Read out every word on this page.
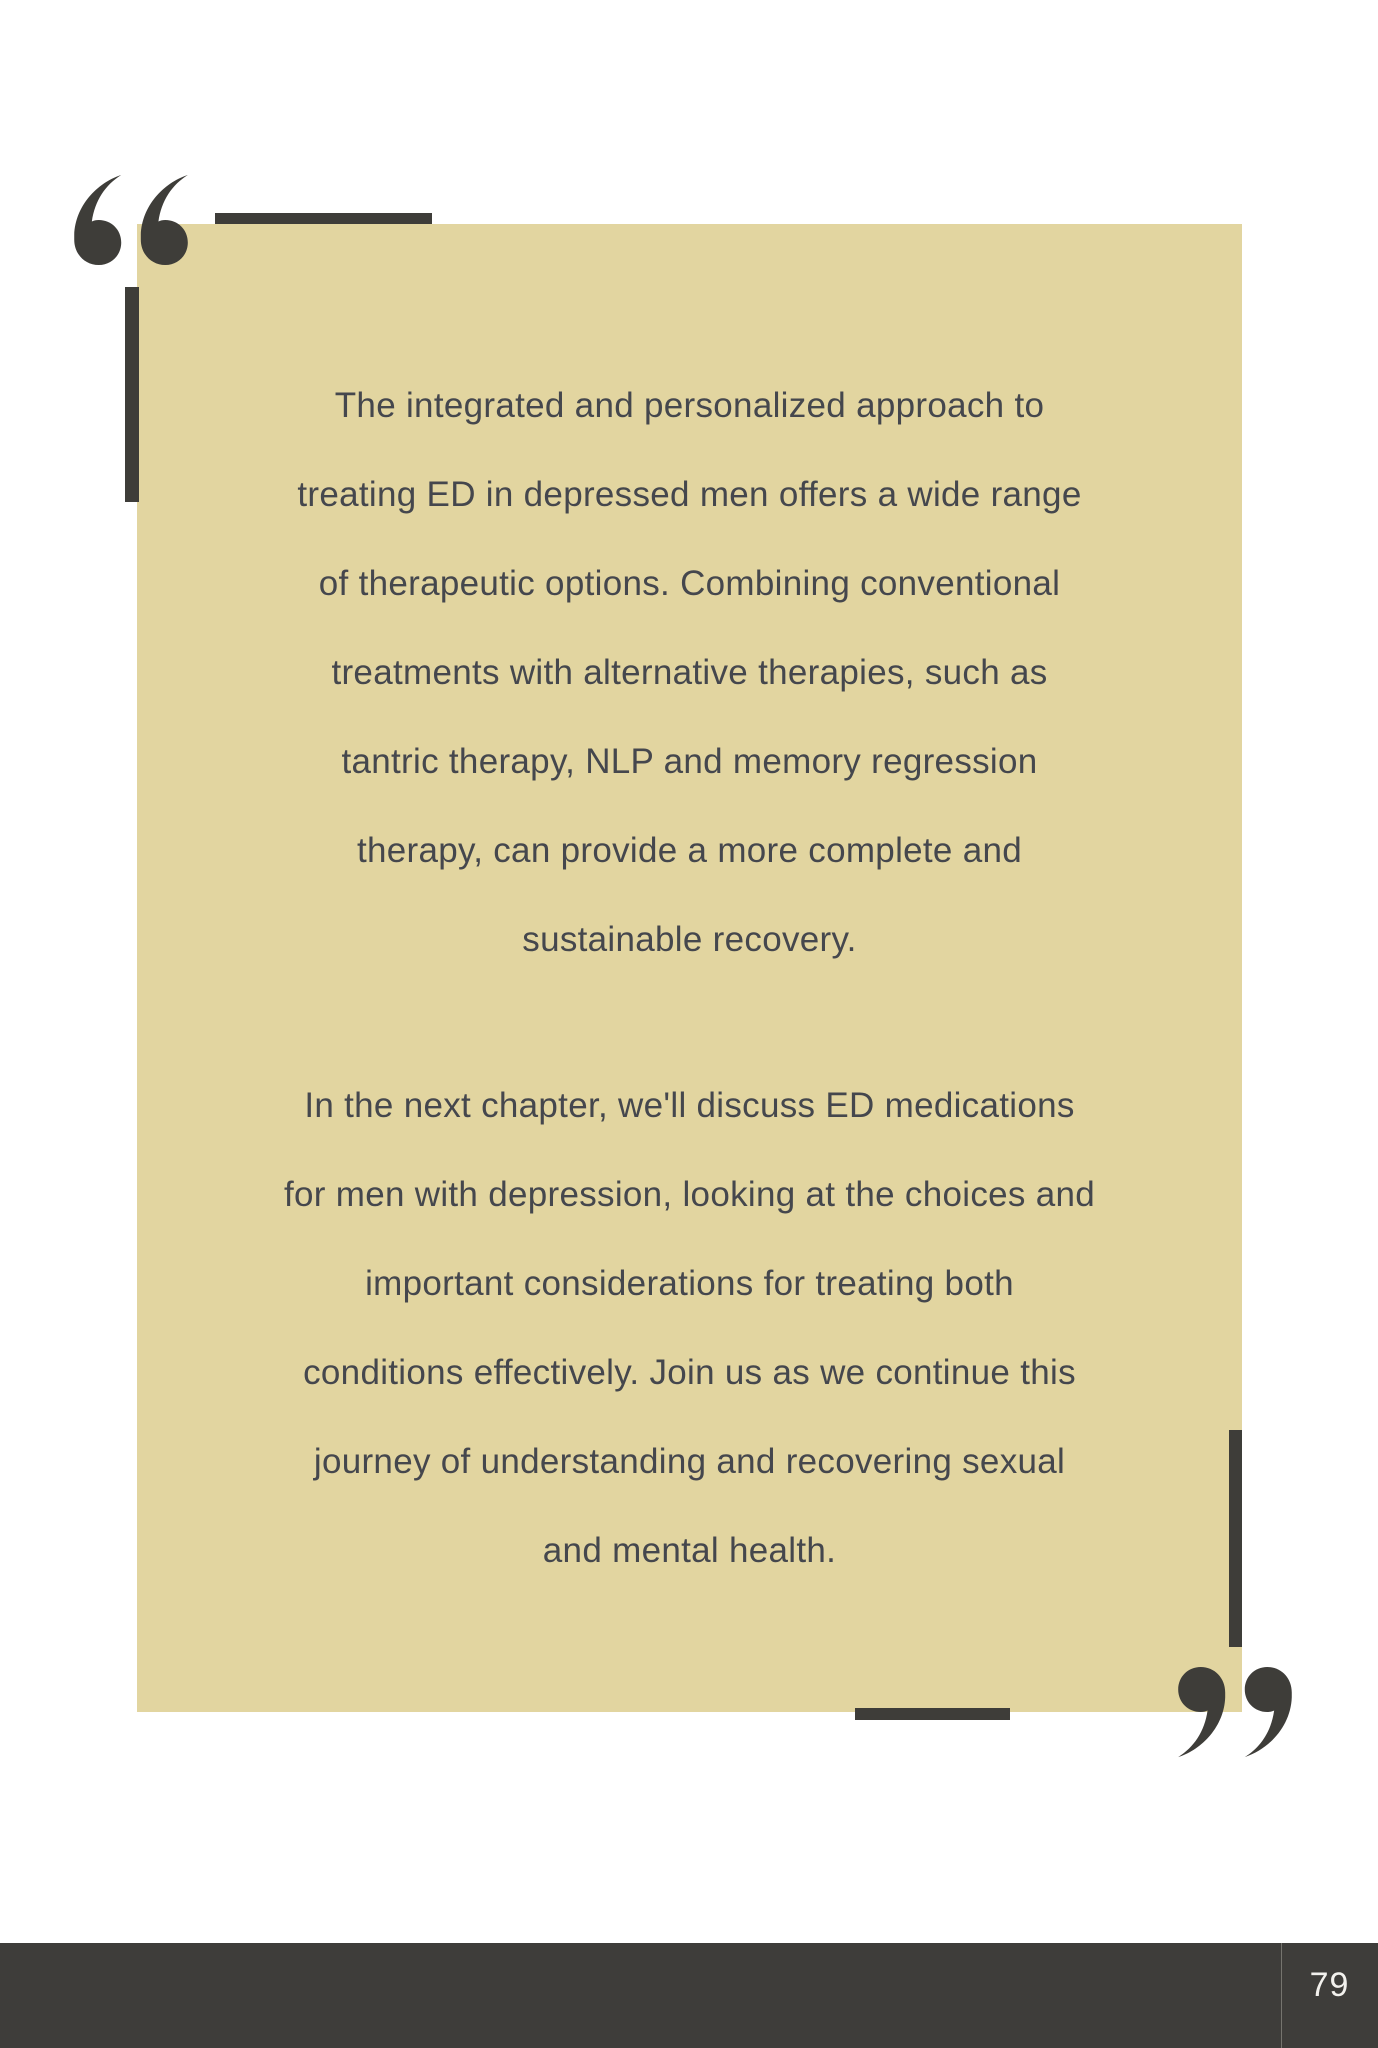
The integrated and personalized approach to
treating ED in depressed men offers a wide range
of therapeutic options. Combining conventional
treatments with alternative therapies, such as
tantric therapy, NLP and memory regression
therapy, can provide a more complete and
sustainable recovery.
In the next chapter, we'll discuss ED medications
for men with depression, looking at the choices and
important considerations for treating both
conditions effectively. Join us as we continue this
journey of understanding and recovering sexual
and mental health.
79
